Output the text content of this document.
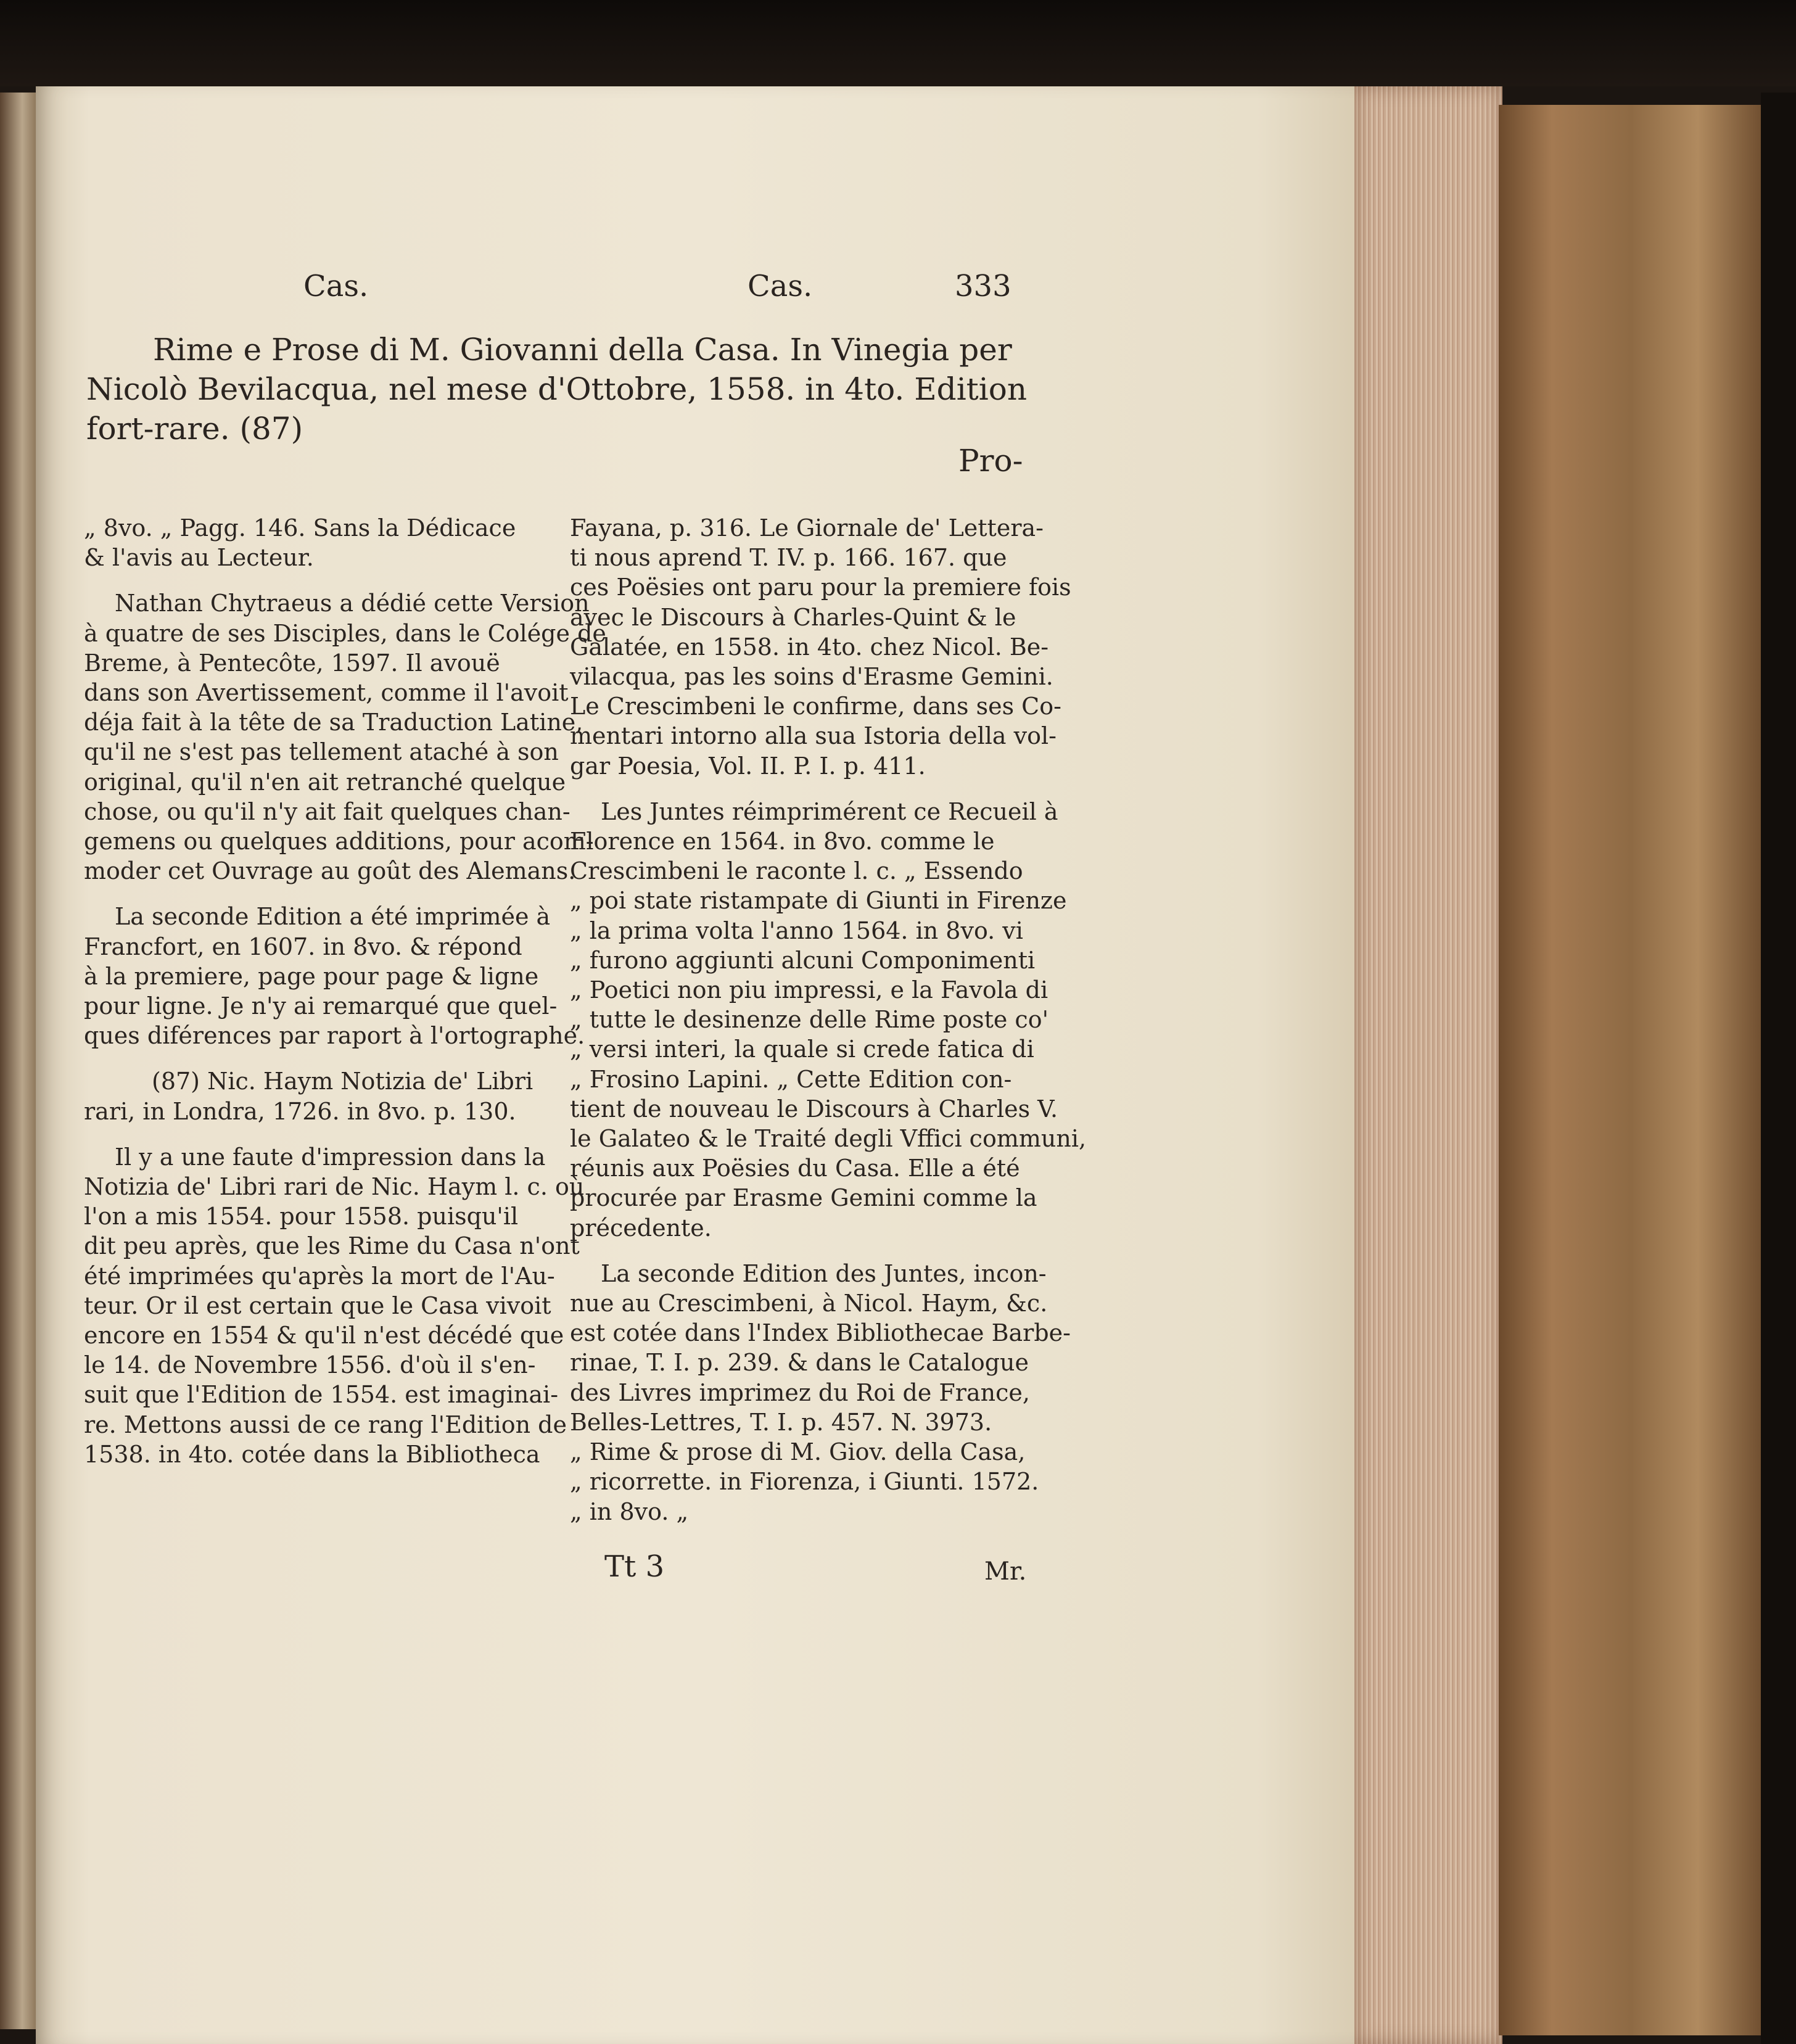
Cas.	Cas.	333
Rime e Prose di M. Giovanni della Casa. In Vinegia per
Nicolò Bevilacqua, nel mese d'Ottobre, 1558. in 4to. Edition
fort-rare. (87)
Pro-

„ 8vo. „ Pagg. 146. Sans la Dédicace
& l'avis au Lecteur.

Nathan Chytraeus a dédié cette Version
à quatre de ses Disciples, dans le Colége de
Breme, à Pentecôte, 1597. Il avouë
dans son Avertissement, comme il l'avoit
déja fait à la tête de sa Traduction Latine,
qu'il ne s'est pas tellement ataché à son
original, qu'il n'en ait retranché quelque
chose, ou qu'il n'y ait fait quelques chan-
gemens ou quelques additions, pour acom-
moder cet Ouvrage au goût des Alemans.

La seconde Edition a été imprimée à
Francfort, en 1607. in 8vo. & répond
à la premiere, page pour page & ligne
pour ligne. Je n'y ai remarqué que quel-
ques diférences par raport à l'ortographe.

(87) Nic. Haym Notizia de' Libri
rari, in Londra, 1726. in 8vo. p. 130.

Il y a une faute d'impression dans la
Notizia de' Libri rari de Nic. Haym l. c. où
l'on a mis 1554. pour 1558. puisqu'il
dit peu après, que les Rime du Casa n'ont
été imprimées qu'après la mort de l'Au-
teur. Or il est certain que le Casa vivoit
encore en 1554 & qu'il n'est décédé que
le 14. de Novembre 1556. d'où il s'en-
suit que l'Edition de 1554. est imaginai-
re. Mettons aussi de ce rang l'Edition de
1538. in 4to. cotée dans la Bibliotheca

Fayana, p. 316. Le Giornale de' Lettera-
ti nous aprend T. IV. p. 166. 167. que
ces Poësies ont paru pour la premiere fois
avec le Discours à Charles-Quint & le
Galatée, en 1558. in 4to. chez Nicol. Be-
vilacqua, pas les soins d'Erasme Gemini.
Le Crescimbeni le confirme, dans ses Co-
mentari intorno alla sua Istoria della vol-
gar Poesia, Vol. II. P. I. p. 411.

Les Juntes réimprimérent ce Recueil à
Florence en 1564. in 8vo. comme le
Crescimbeni le raconte l. c. „ Essendo
„ poi state ristampate di Giunti in Firenze
„ la prima volta l'anno 1564. in 8vo. vi
„ furono aggiunti alcuni Componimenti
„ Poetici non piu impressi, e la Favola di
„ tutte le desinenze delle Rime poste co'
„ versi interi, la quale si crede fatica di
„ Frosino Lapini. „ Cette Edition con-
tient de nouveau le Discours à Charles V.
le Galateo & le Traité degli Vffici communi,
réunis aux Poësies du Casa. Elle a été
procurée par Erasme Gemini comme la
précedente.

La seconde Edition des Juntes, incon-
nue au Crescimbeni, à Nicol. Haym, &c.
est cotée dans l'Index Bibliothecae Barbe-
rinae, T. I. p. 239. & dans le Catalogue
des Livres imprimez du Roi de France,
Belles-Lettres, T. I. p. 457. N. 3973.
„ Rime & prose di M. Giov. della Casa,
„ ricorrette. in Fiorenza, i Giunti. 1572.
„ in 8vo. „

Tt 3	Mr.
